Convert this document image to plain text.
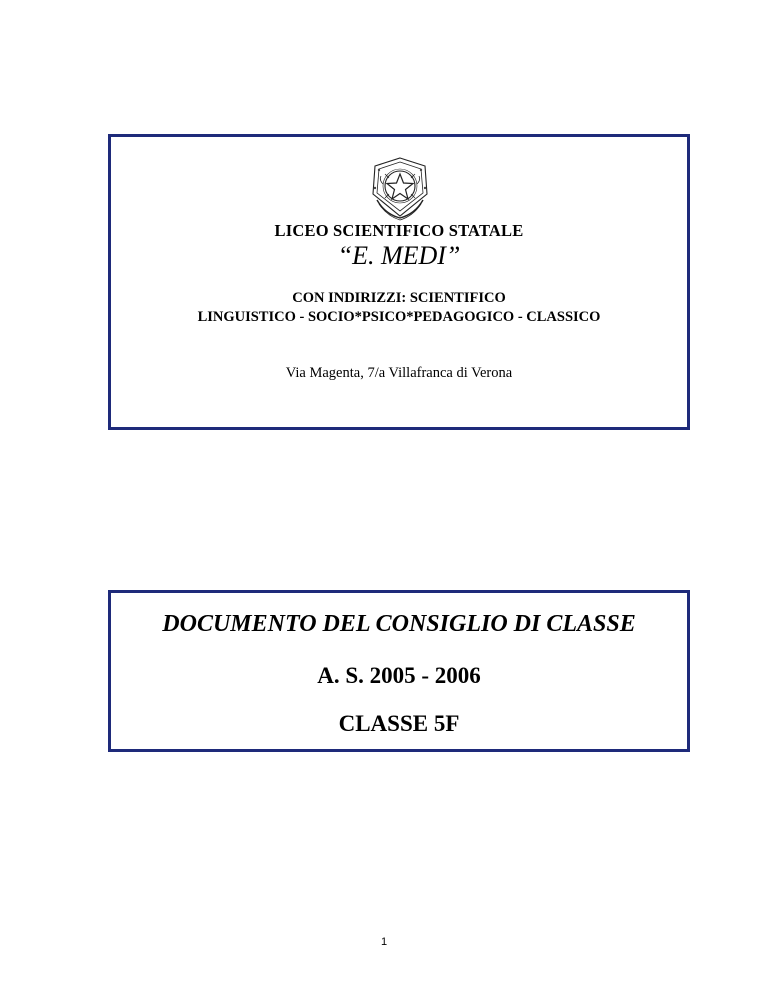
LICEO SCIENTIFICO STATALE
“E. MEDI”
CON INDIRIZZI: SCIENTIFICO
LINGUISTICO - SOCIO*PSICO*PEDAGOGICO - CLASSICO
Via Magenta, 7/a Villafranca di Verona
DOCUMENTO DEL CONSIGLIO DI CLASSE
A. S. 2005 - 2006
CLASSE 5F
1
